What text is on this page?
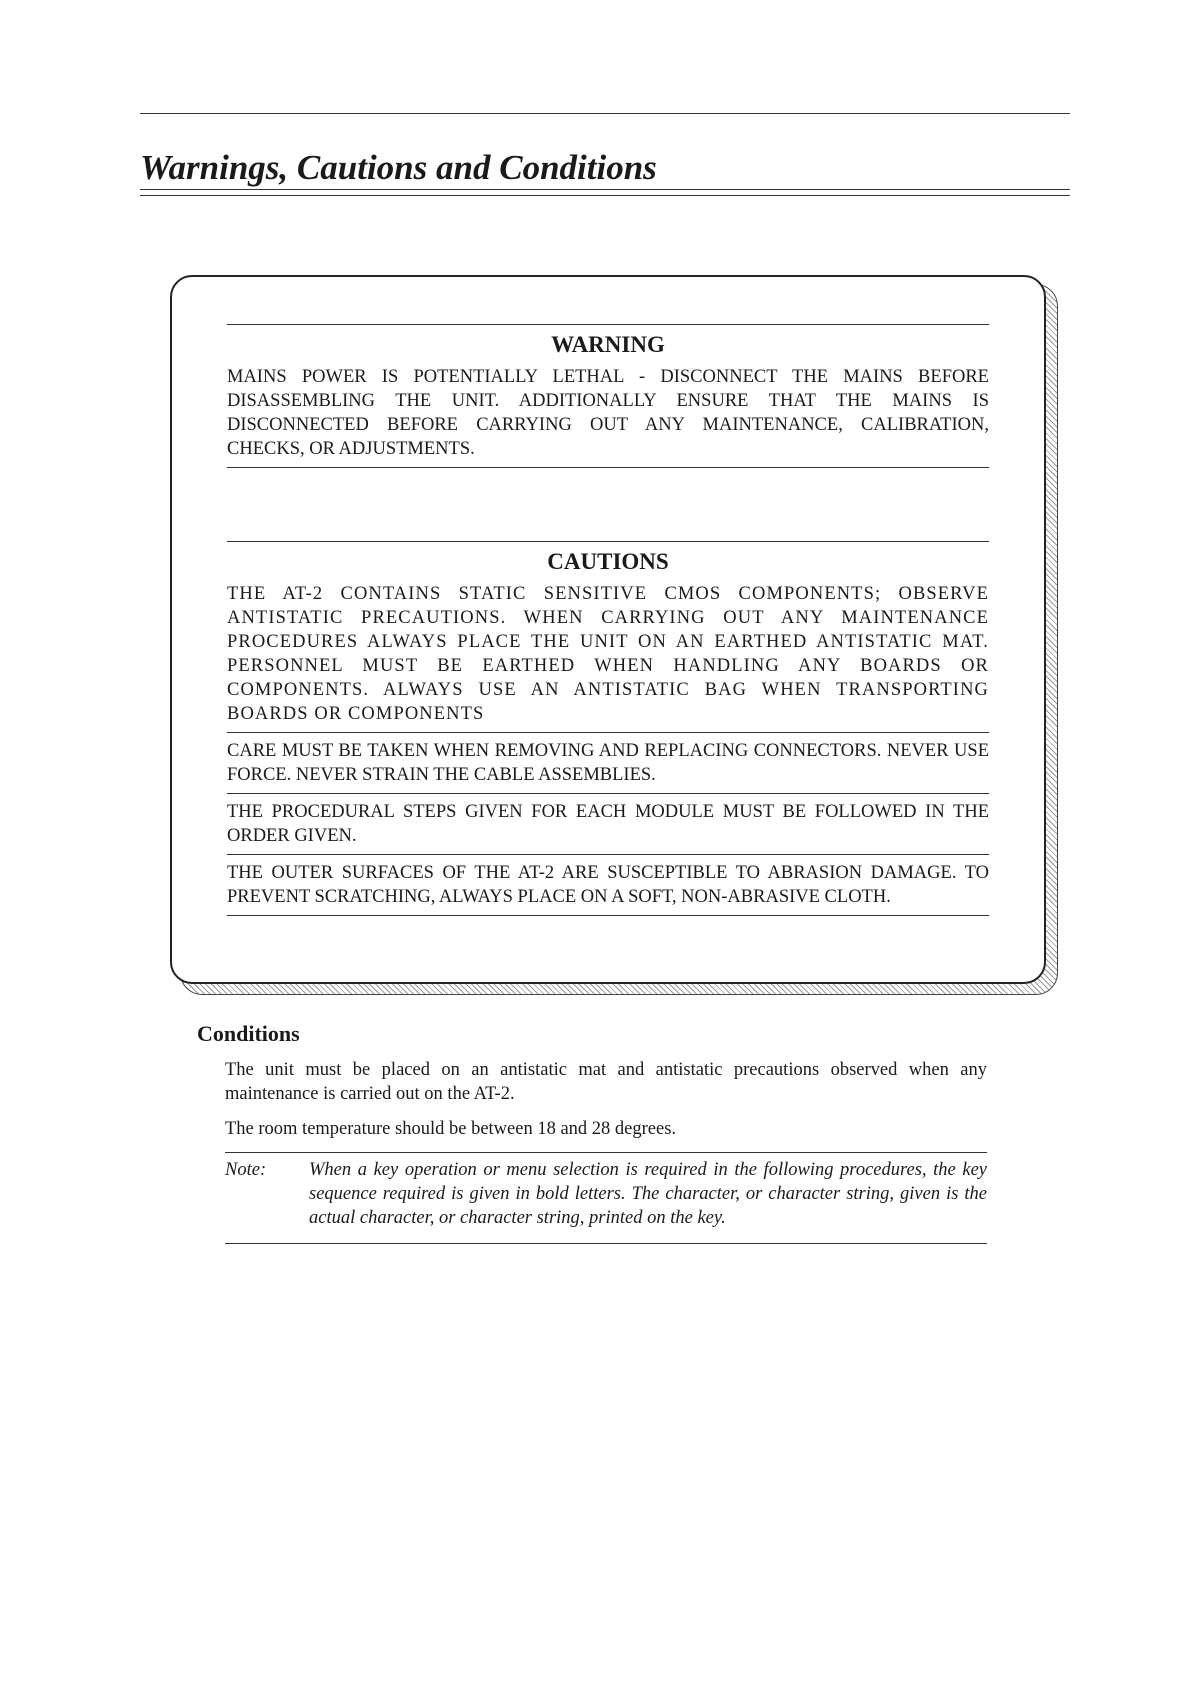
Warnings, Cautions and Conditions
WARNING
MAINS POWER IS POTENTIALLY LETHAL - DISCONNECT THE MAINS BEFORE DISASSEMBLING THE UNIT. ADDITIONALLY ENSURE THAT THE MAINS IS DISCONNECTED BEFORE CARRYING OUT ANY MAINTENANCE, CALIBRATION, CHECKS, OR ADJUSTMENTS.
CAUTIONS
THE AT-2 CONTAINS STATIC SENSITIVE CMOS COMPONENTS; OBSERVE ANTISTATIC PRECAUTIONS. WHEN CARRYING OUT ANY MAINTENANCE PROCEDURES ALWAYS PLACE THE UNIT ON AN EARTHED ANTISTATIC MAT. PERSONNEL MUST BE EARTHED WHEN HANDLING ANY BOARDS OR COMPONENTS. ALWAYS USE AN ANTISTATIC BAG WHEN TRANSPORTING BOARDS OR COMPONENTS
CARE MUST BE TAKEN WHEN REMOVING AND REPLACING CONNECTORS. NEVER USE FORCE. NEVER STRAIN THE CABLE ASSEMBLIES.
THE PROCEDURAL STEPS GIVEN FOR EACH MODULE MUST BE FOLLOWED IN THE ORDER GIVEN.
THE OUTER SURFACES OF THE AT-2 ARE SUSCEPTIBLE TO ABRASION DAMAGE. TO PREVENT SCRATCHING, ALWAYS PLACE ON A SOFT, NON-ABRASIVE CLOTH.
Conditions

The unit must be placed on an antistatic mat and antistatic precautions observed when any maintenance is carried out on the AT-2.

The room temperature should be between 18 and 28 degrees.

Note:	When a key operation or menu selection is required in the following procedures, the key sequence required is given in bold letters. The character, or character string, given is the actual character, or character string, printed on the key.
